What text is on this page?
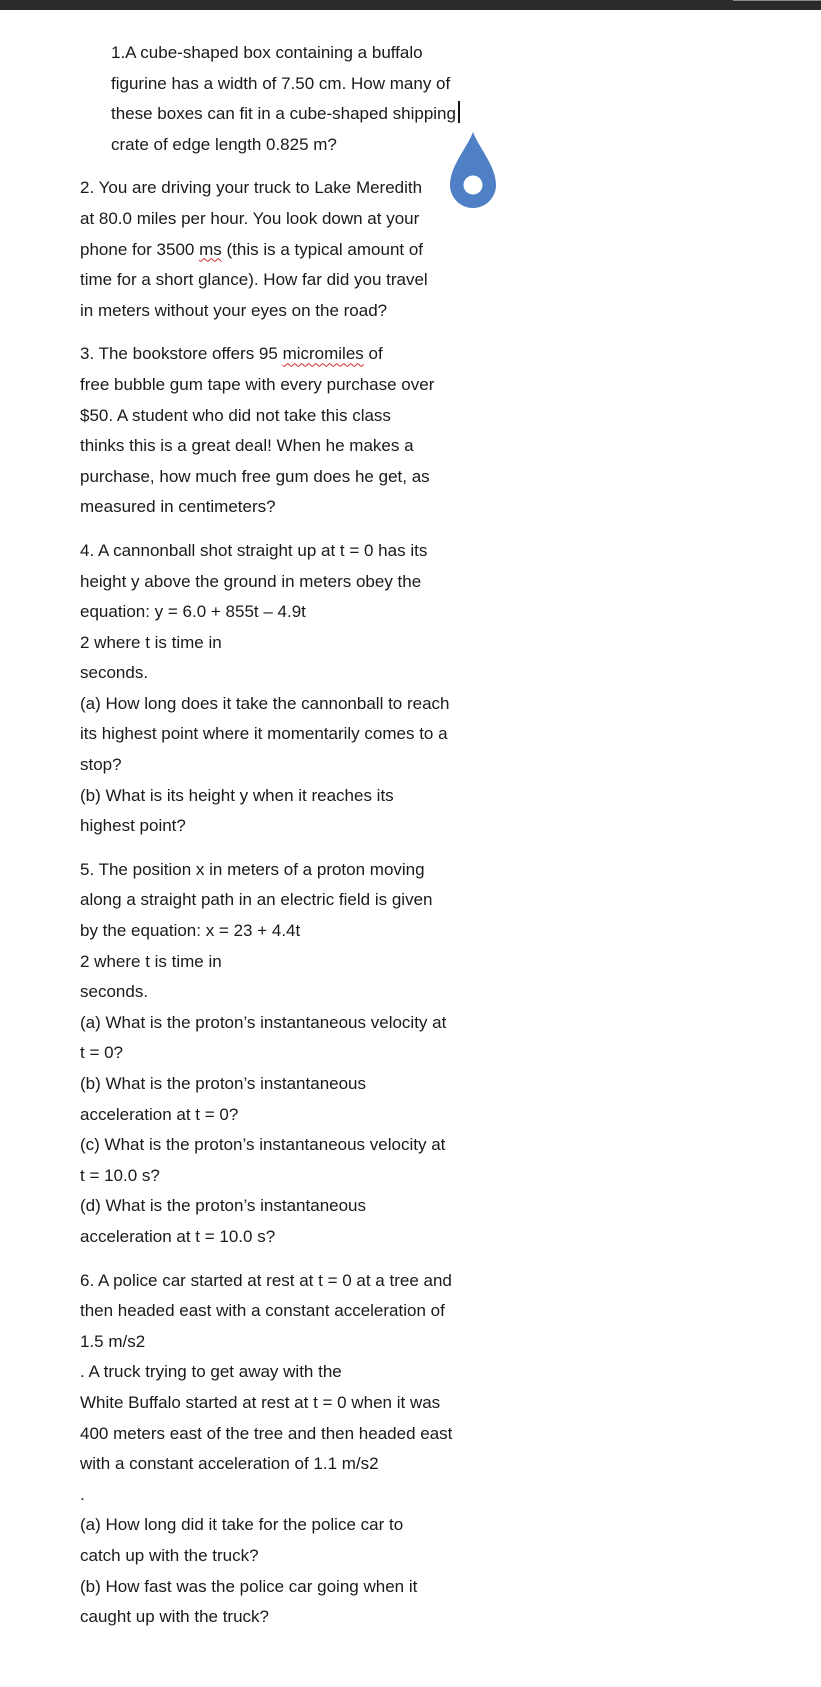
1.A cube-shaped box containing a buffalo

figurine has a width of 7.50 cm. How many of

these boxes can fit in a cube-shaped shipping

crate of edge length 0.825 m?

2. You are driving your truck to Lake Meredith

at 80.0 miles per hour. You look down at your

phone for 3500 ms (this is a typical amount of

time for a short glance). How far did you travel

in meters without your eyes on the road?

3. The bookstore offers 95 micromiles of

free bubble gum tape with every purchase over

$50. A student who did not take this class

thinks this is a great deal! When he makes a

purchase, how much free gum does he get, as

measured in centimeters?

4. A cannonball shot straight up at t = 0 has its

height y above the ground in meters obey the

equation: y = 6.0 + 855t – 4.9t

2 where t is time in

seconds.

(a) How long does it take the cannonball to reach

its highest point where it momentarily comes to a

stop?

(b) What is its height y when it reaches its

highest point?

5. The position x in meters of a proton moving

along a straight path in an electric field is given

by the equation: x = 23 + 4.4t

2 where t is time in

seconds.

(a) What is the proton’s instantaneous velocity at

t = 0?

(b) What is the proton’s instantaneous

acceleration at t = 0?

(c) What is the proton’s instantaneous velocity at

t = 10.0 s?

(d) What is the proton’s instantaneous

acceleration at t = 10.0 s?

6. A police car started at rest at t = 0 at a tree and

then headed east with a constant acceleration of

1.5 m/s2

. A truck trying to get away with the

White Buffalo started at rest at t = 0 when it was

400 meters east of the tree and then headed east

with a constant acceleration of 1.1 m/s2

.

(a) How long did it take for the police car to

catch up with the truck?

(b) How fast was the police car going when it

caught up with the truck?
